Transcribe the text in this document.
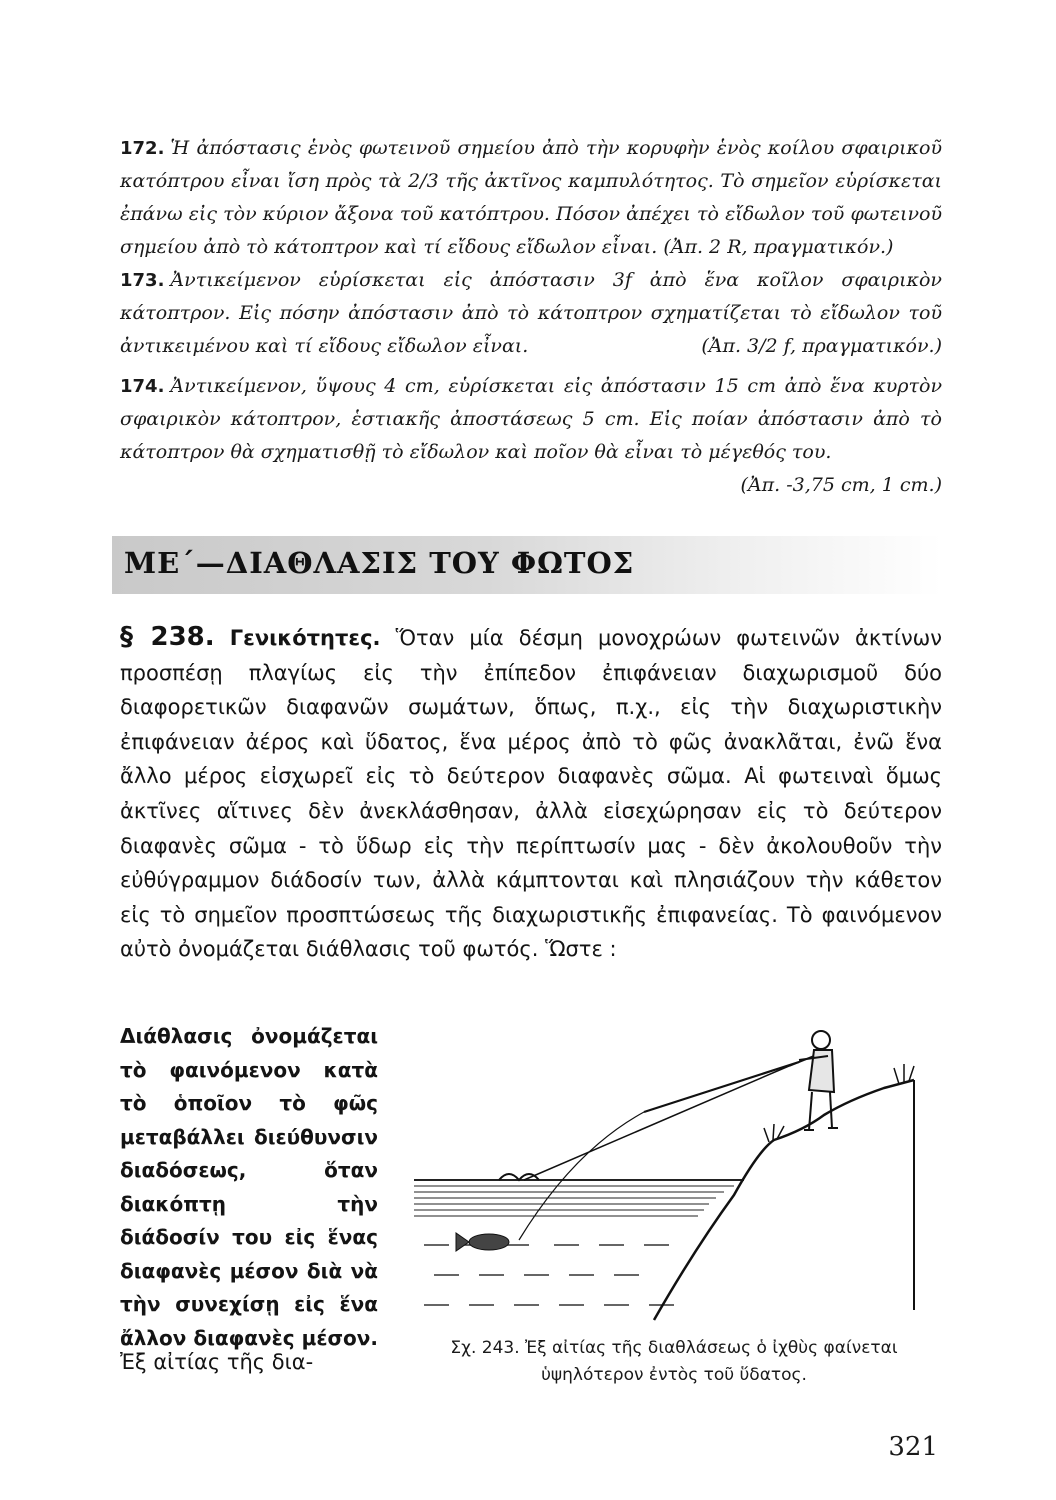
172. Ἡ ἀπόστασις ἑνὸς φωτεινοῦ σημείου ἀπὸ τὴν κορυφὴν ἑνὸς κοίλου σφαιρικοῦ κατόπτρου εἶναι ἴση πρὸς τὰ 2/3 τῆς ἀκτῖνος καμπυλότητος. Τὸ σημεῖον εὑρίσκεται ἐπάνω εἰς τὸν κύριον ἄξονα τοῦ κατόπτρου. Πόσον ἀπέχει τὸ εἴδωλον τοῦ φωτεινοῦ σημείου ἀπὸ τὸ κάτοπτρον καὶ τί εἴδους εἴδωλον εἶναι. (Ἀπ. 2 R, πραγματικόν.)
173. Ἀντικείμενον εὑρίσκεται εἰς ἀπόστασιν 3f ἀπὸ ἕνα κοῖλον σφαιρικὸν κάτοπτρον. Εἰς πόσην ἀπόστασιν ἀπὸ τὸ κάτοπτρον σχηματίζεται τὸ εἴδωλον τοῦ ἀντικειμένου καὶ τί εἴδους εἴδωλον εἶναι.	(Ἀπ. 3/2 f, πραγματικόν.)
174. Ἀντικείμενον, ὕψους 4 cm, εὑρίσκεται εἰς ἀπόστασιν 15 cm ἀπὸ ἕνα κυρτὸν σφαιρικὸν κάτοπτρον, ἑστιακῆς ἀποστάσεως 5 cm. Εἰς ποίαν ἀπόστασιν ἀπὸ τὸ κάτοπτρον θὰ σχηματισθῇ τὸ εἴδωλον καὶ ποῖον θὰ εἶναι τὸ μέγεθός του.
(Ἀπ. -3,75 cm, 1 cm.)
ΜΕ΄—ΔΙΑΘΛΑΣΙΣ ΤΟΥ ΦΩΤΟΣ
§ 238. Γενικότητες. Ὅταν μία δέσμη μονοχρώων φωτεινῶν ἀκτίνων προσπέσῃ πλαγίως εἰς τὴν ἐπίπεδον ἐπιφάνειαν διαχωρισμοῦ δύο διαφορετικῶν διαφανῶν σωμάτων, ὅπως, π.χ., εἰς τὴν διαχωριστικὴν ἐπιφάνειαν ἀέρος καὶ ὕδατος, ἕνα μέρος ἀπὸ τὸ φῶς ἀνακλᾶται, ἐνῶ ἕνα ἄλλο μέρος εἰσχωρεῖ εἰς τὸ δεύτερον διαφανὲς σῶμα. Αἱ φωτειναὶ ὅμως ἀκτῖνες αἵτινες δὲν ἀνεκλάσθησαν, ἀλλὰ εἰσεχώρησαν εἰς τὸ δεύτερον διαφανὲς σῶμα - τὸ ὕδωρ εἰς τὴν περίπτωσίν μας - δὲν ἀκολουθοῦν τὴν εὐθύγραμμον διάδοσίν των, ἀλλὰ κάμπτονται καὶ πλησιάζουν τὴν κάθετον εἰς τὸ σημεῖον προσπτώσεως τῆς διαχωριστικῆς ἐπιφανείας. Τὸ φαινόμενον αὐτὸ ὀνομάζεται διάθλασις τοῦ φωτός. Ὥστε :
Διάθλασις ὀνομάζεται τὸ φαινόμενον κατὰ τὸ ὁποῖον τὸ φῶς μεταβάλλει διεύθυνσιν διαδόσεως, ὅταν διακόπτῃ τὴν διάδοσίν του εἰς ἕνας διαφανὲς μέσον διὰ νὰ τὴν συνεχίσῃ εἰς ἕνα ἄλλον διαφανὲς μέσον.
Ἐξ αἰτίας τῆς δια-
Σχ. 243. Ἐξ αἰτίας τῆς διαθλάσεως ὁ ἰχθὺς φαίνεται ὑψηλότερον ἐντὸς τοῦ ὕδατος.
321
